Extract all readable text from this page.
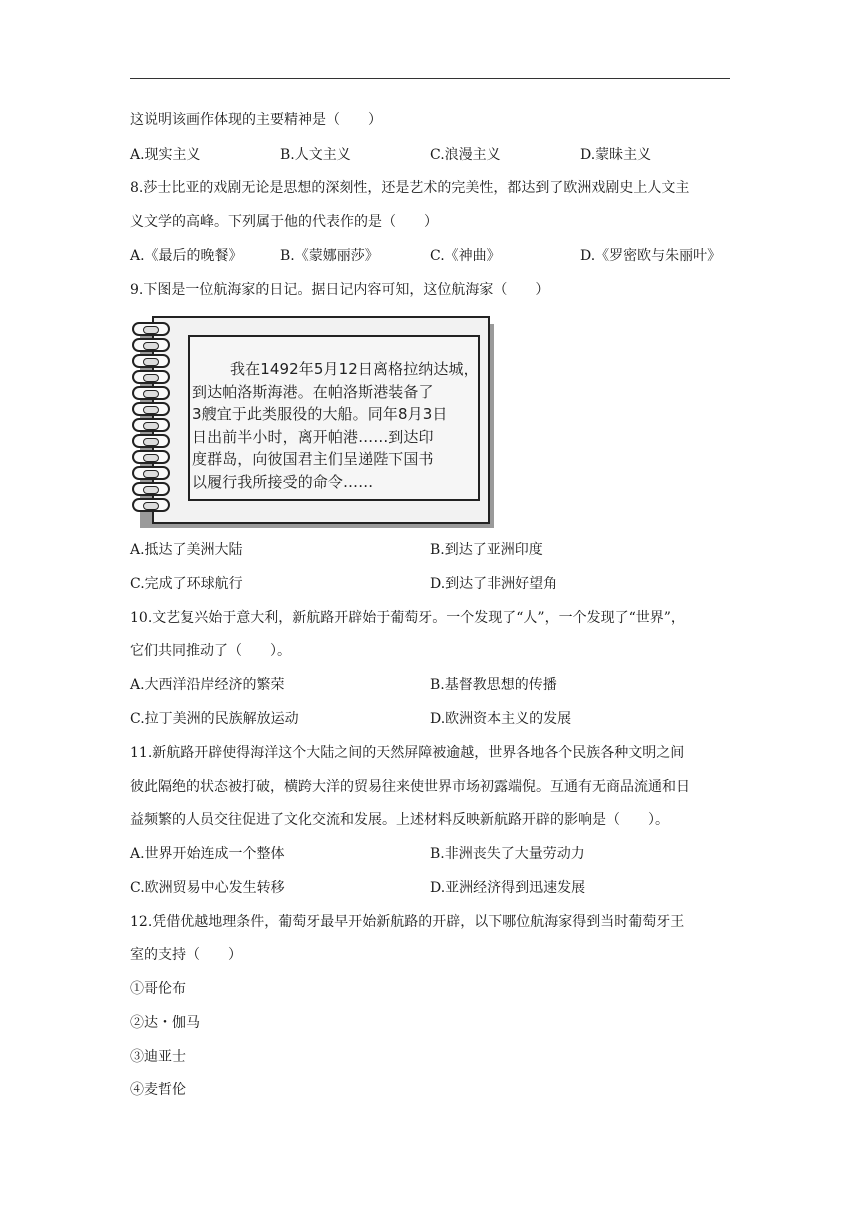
这说明该画作体现的主要精神是（　　）
A.现实主义	B.人文主义	C.浪漫主义	D.蒙昧主义
8.莎士比亚的戏剧无论是思想的深刻性，还是艺术的完美性，都达到了欧洲戏剧史上人文主
义文学的高峰。下列属于他的代表作的是（　　）
A.《最后的晚餐》	B.《蒙娜丽莎》	C.《神曲》	D.《罗密欧与朱丽叶》
9.下图是一位航海家的日记。据日记内容可知，这位航海家（　　）
我在1492年5月12日离格拉纳达城，
到达帕洛斯海港。在帕洛斯港装备了
3艘宜于此类服役的大船。同年8月3日
日出前半小时，离开帕港……到达印
度群岛，向彼国君主们呈递陛下国书
以履行我所接受的命令……
A.抵达了美洲大陆	B.到达了亚洲印度
C.完成了环球航行	D.到达了非洲好望角
10.文艺复兴始于意大利，新航路开辟始于葡萄牙。一个发现了“人”，一个发现了“世界”，
它们共同推动了（　　）。
A.大西洋沿岸经济的繁荣	B.基督教思想的传播
C.拉丁美洲的民族解放运动	D.欧洲资本主义的发展
11.新航路开辟使得海洋这个大陆之间的天然屏障被逾越，世界各地各个民族各种文明之间
彼此隔绝的状态被打破，横跨大洋的贸易往来使世界市场初露端倪。互通有无商品流通和日
益频繁的人员交往促进了文化交流和发展。上述材料反映新航路开辟的影响是（　　）。
A.世界开始连成一个整体	B.非洲丧失了大量劳动力
C.欧洲贸易中心发生转移	D.亚洲经济得到迅速发展
12.凭借优越地理条件，葡萄牙最早开始新航路的开辟，以下哪位航海家得到当时葡萄牙王
室的支持（　　）
①哥伦布
②达・伽马
③迪亚士
④麦哲伦
